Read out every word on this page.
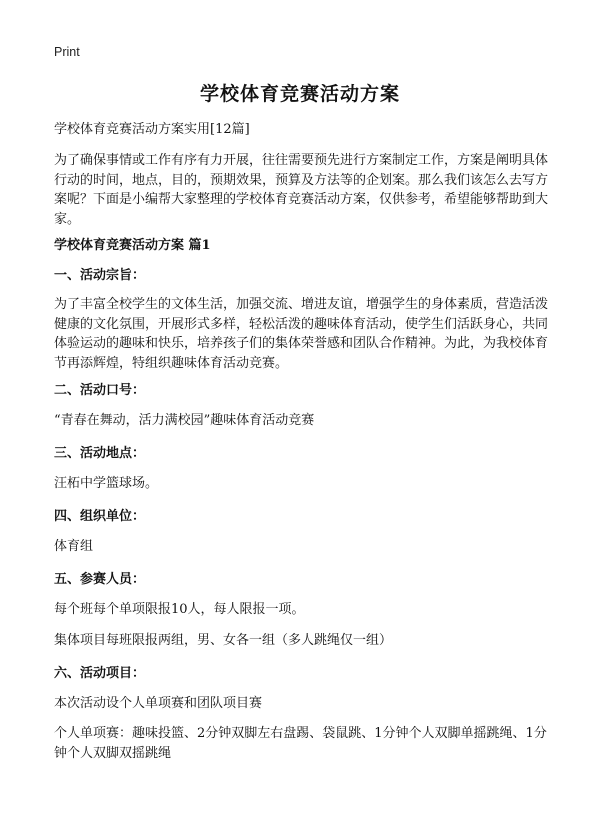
Print
学校体育竞赛活动方案
学校体育竞赛活动方案实用[12篇]
为了确保事情或工作有序有力开展，往往需要预先进行方案制定工作，方案是阐明具体行动的时间，地点，目的，预期效果，预算及方法等的企划案。那么我们该怎么去写方案呢？下面是小编帮大家整理的学校体育竞赛活动方案，仅供参考，希望能够帮助到大家。
学校体育竞赛活动方案 篇1
一、活动宗旨：
为了丰富全校学生的文体生活，加强交流、增进友谊，增强学生的身体素质，营造活泼健康的文化氛围，开展形式多样，轻松活泼的趣味体育活动，使学生们活跃身心，共同体验运动的趣味和快乐，培养孩子们的集体荣誉感和团队合作精神。为此，为我校体育节再添辉煌，特组织趣味体育活动竞赛。
二、活动口号：
“青春在舞动，活力满校园”趣味体育活动竞赛
三、活动地点：
汪柘中学篮球场。
四、组织单位：
体育组
五、参赛人员：
每个班每个单项限报10人，每人限报一项。
集体项目每班限报两组，男、女各一组（多人跳绳仅一组）
六、活动项目：
本次活动设个人单项赛和团队项目赛
个人单项赛：趣味投篮、2分钟双脚左右盘踢、袋鼠跳、1分钟个人双脚单摇跳绳、1分钟个人双脚双摇跳绳
